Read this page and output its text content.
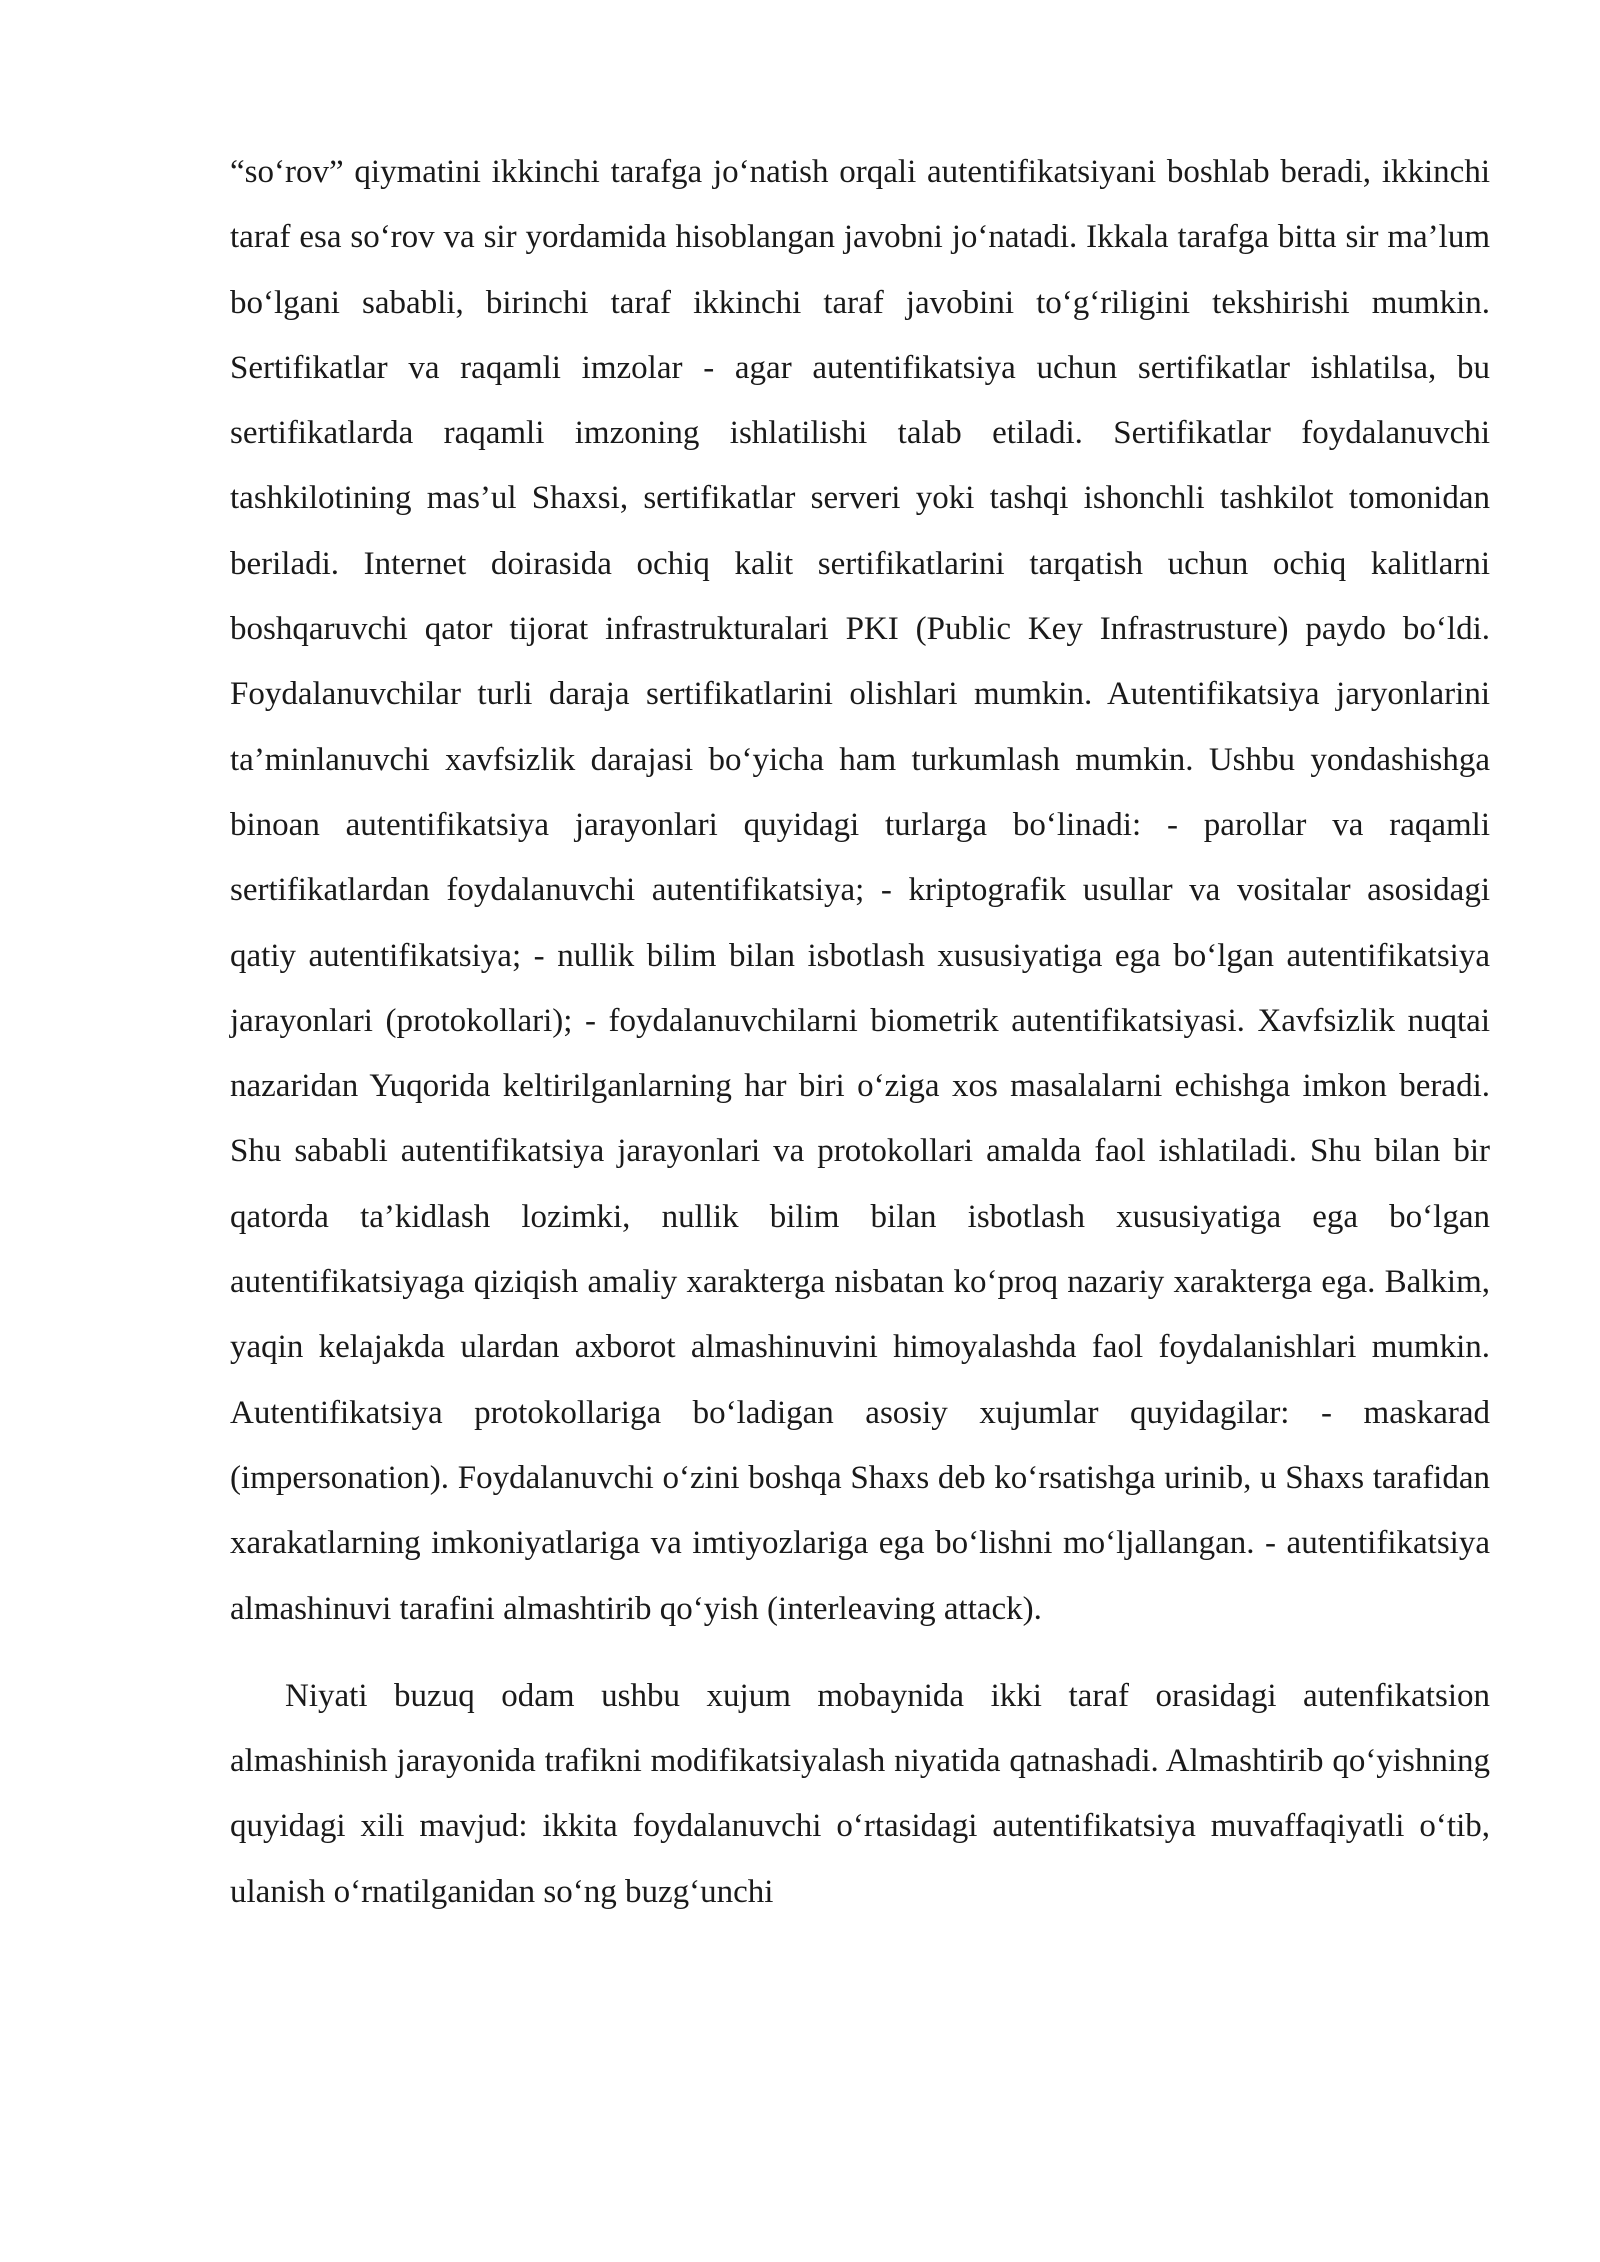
“so‘rov” qiymatini ikkinchi tarafga jo‘natish orqali autentifikatsiyani boshlab beradi, ikkinchi taraf esa so‘rov va sir yordamida hisoblangan javobni jo‘natadi. Ikkala tarafga bitta sir ma’lum bo‘lgani sababli, birinchi taraf ikkinchi taraf javobini to‘g‘riligini tekshirishi mumkin. Sertifikatlar va raqamli imzolar - agar autentifikatsiya uchun sertifikatlar ishlatilsa, bu sertifikatlarda raqamli imzoning ishlatilishi talab etiladi. Sertifikatlar foydalanuvchi tashkilotining mas’ul Shaxsi, sertifikatlar serveri yoki tashqi ishonchli tashkilot tomonidan beriladi. Internet doirasida ochiq kalit sertifikatlarini tarqatish uchun ochiq kalitlarni boshqaruvchi qator tijorat infrastrukturalari PKI (Public Key Infrastrusture) paydo bo‘ldi. Foydalanuvchilar turli daraja sertifikatlarini olishlari mumkin. Autentifikatsiya jaryonlarini ta’minlanuvchi xavfsizlik darajasi bo‘yicha ham turkumlash mumkin. Ushbu yondashishga binoan autentifikatsiya jarayonlari quyidagi turlarga bo‘linadi: - parollar va raqamli sertifikatlardan foydalanuvchi autentifikatsiya; - kriptografik usullar va vositalar asosidagi qatiy autentifikatsiya; - nullik bilim bilan isbotlash xususiyatiga ega bo‘lgan autentifikatsiya jarayonlari (protokollari); - foydalanuvchilarni biometrik autentifikatsiyasi. Xavfsizlik nuqtai nazaridan Yuqorida keltirilganlarning har biri o‘ziga xos masalalarni echishga imkon beradi. Shu sababli autentifikatsiya jarayonlari va protokollari amalda faol ishlatiladi. Shu bilan bir qatorda ta’kidlash lozimki, nullik bilim bilan isbotlash xususiyatiga ega bo‘lgan autentifikatsiyaga qiziqish amaliy xarakterga nisbatan ko‘proq nazariy xarakterga ega. Balkim, yaqin kelajakda ulardan axborot almashinuvini himoyalashda faol foydalanishlari mumkin. Autentifikatsiya protokollariga bo‘ladigan asosiy xujumlar quyidagilar: - maskarad (impersonation). Foydalanuvchi o‘zini boshqa Shaxs deb ko‘rsatishga urinib, u Shaxs tarafidan xarakatlarning imkoniyatlariga va imtiyozlariga ega bo‘lishni mo‘ljallangan. - autentifikatsiya almashinuvi tarafini almashtirib qo‘yish (interleaving attack).

Niyati buzuq odam ushbu xujum mobaynida ikki taraf orasidagi autenfikatsion almashinish jarayonida trafikni modifikatsiyalash niyatida qatnashadi. Almashtirib qo‘yishning quyidagi xili mavjud: ikkita foydalanuvchi o‘rtasidagi autentifikatsiya muvaffaqiyatli o‘tib, ulanish o‘rnatilganidan so‘ng buzg‘unchi
